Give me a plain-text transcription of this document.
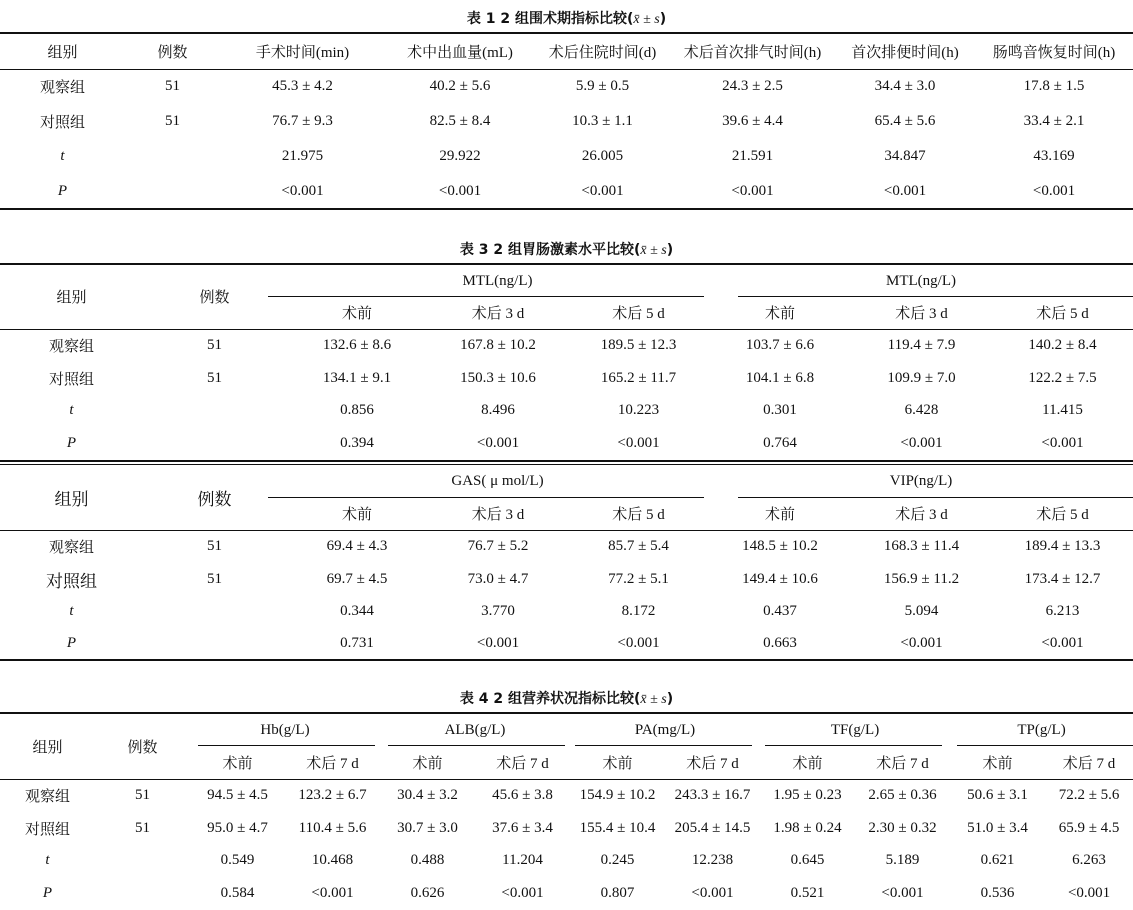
表 1 2 组围术期指标比较(x̄ ± s)
组别	例数	手术时间(min)	术中出血量(mL)	术后住院时间(d)	术后首次排气时间(h)	首次排便时间(h)	肠鸣音恢复时间(h)
观察组	51	45.3 ± 4.2	40.2 ± 5.6	5.9 ± 0.5	24.3 ± 2.5	34.4 ± 3.0	17.8 ± 1.5
对照组	51	76.7 ± 9.3	82.5 ± 8.4	10.3 ± 1.1	39.6 ± 4.4	65.4 ± 5.6	33.4 ± 2.1
t		21.975	29.922	26.005	21.591	34.847	43.169
P		<0.001	<0.001	<0.001	<0.001	<0.001	<0.001
表 3 2 组胃肠激素水平比较(x̄ ± s)
组别	例数	MTL(ng/L)			MTL(ng/L)		
		术前	术后 3 d	术后 5 d	术前	术后 3 d	术后 5 d
观察组	51	132.6 ± 8.6	167.8 ± 10.2	189.5 ± 12.3	103.7 ± 6.6	119.4 ± 7.9	140.2 ± 8.4
对照组	51	134.1 ± 9.1	150.3 ± 10.6	165.2 ± 11.7	104.1 ± 6.8	109.9 ± 7.0	122.2 ± 7.5
t		0.856	8.496	10.223	0.301	6.428	11.415
P		0.394	<0.001	<0.001	0.764	<0.001	<0.001
组别	例数	GAS( μ mol/L)			VIP(ng/L)		
		术前	术后 3 d	术后 5 d	术前	术后 3 d	术后 5 d
观察组	51	69.4 ± 4.3	76.7 ± 5.2	85.7 ± 5.4	148.5 ± 10.2	168.3 ± 11.4	189.4 ± 13.3
对照组	51	69.7 ± 4.5	73.0 ± 4.7	77.2 ± 5.1	149.4 ± 10.6	156.9 ± 11.2	173.4 ± 12.7
t		0.344	3.770	8.172	0.437	5.094	6.213
P		0.731	<0.001	<0.001	0.663	<0.001	<0.001
表 4 2 组营养状况指标比较(x̄ ± s)
组别	例数	Hb(g/L)		ALB(g/L)		PA(mg/L)		TF(g/L)		TP(g/L)	
		术前	术后 7 d	术前	术后 7 d	术前	术后 7 d	术前	术后 7 d	术前	术后 7 d
观察组	51	94.5 ± 4.5	123.2 ± 6.7	30.4 ± 3.2	45.6 ± 3.8	154.9 ± 10.2	243.3 ± 16.7	1.95 ± 0.23	2.65 ± 0.36	50.6 ± 3.1	72.2 ± 5.6
对照组	51	95.0 ± 4.7	110.4 ± 5.6	30.7 ± 3.0	37.6 ± 3.4	155.4 ± 10.4	205.4 ± 14.5	1.98 ± 0.24	2.30 ± 0.32	51.0 ± 3.4	65.9 ± 4.5
t		0.549	10.468	0.488	11.204	0.245	12.238	0.645	5.189	0.621	6.263
P		0.584	<0.001	0.626	<0.001	0.807	<0.001	0.521	<0.001	0.536	<0.001
